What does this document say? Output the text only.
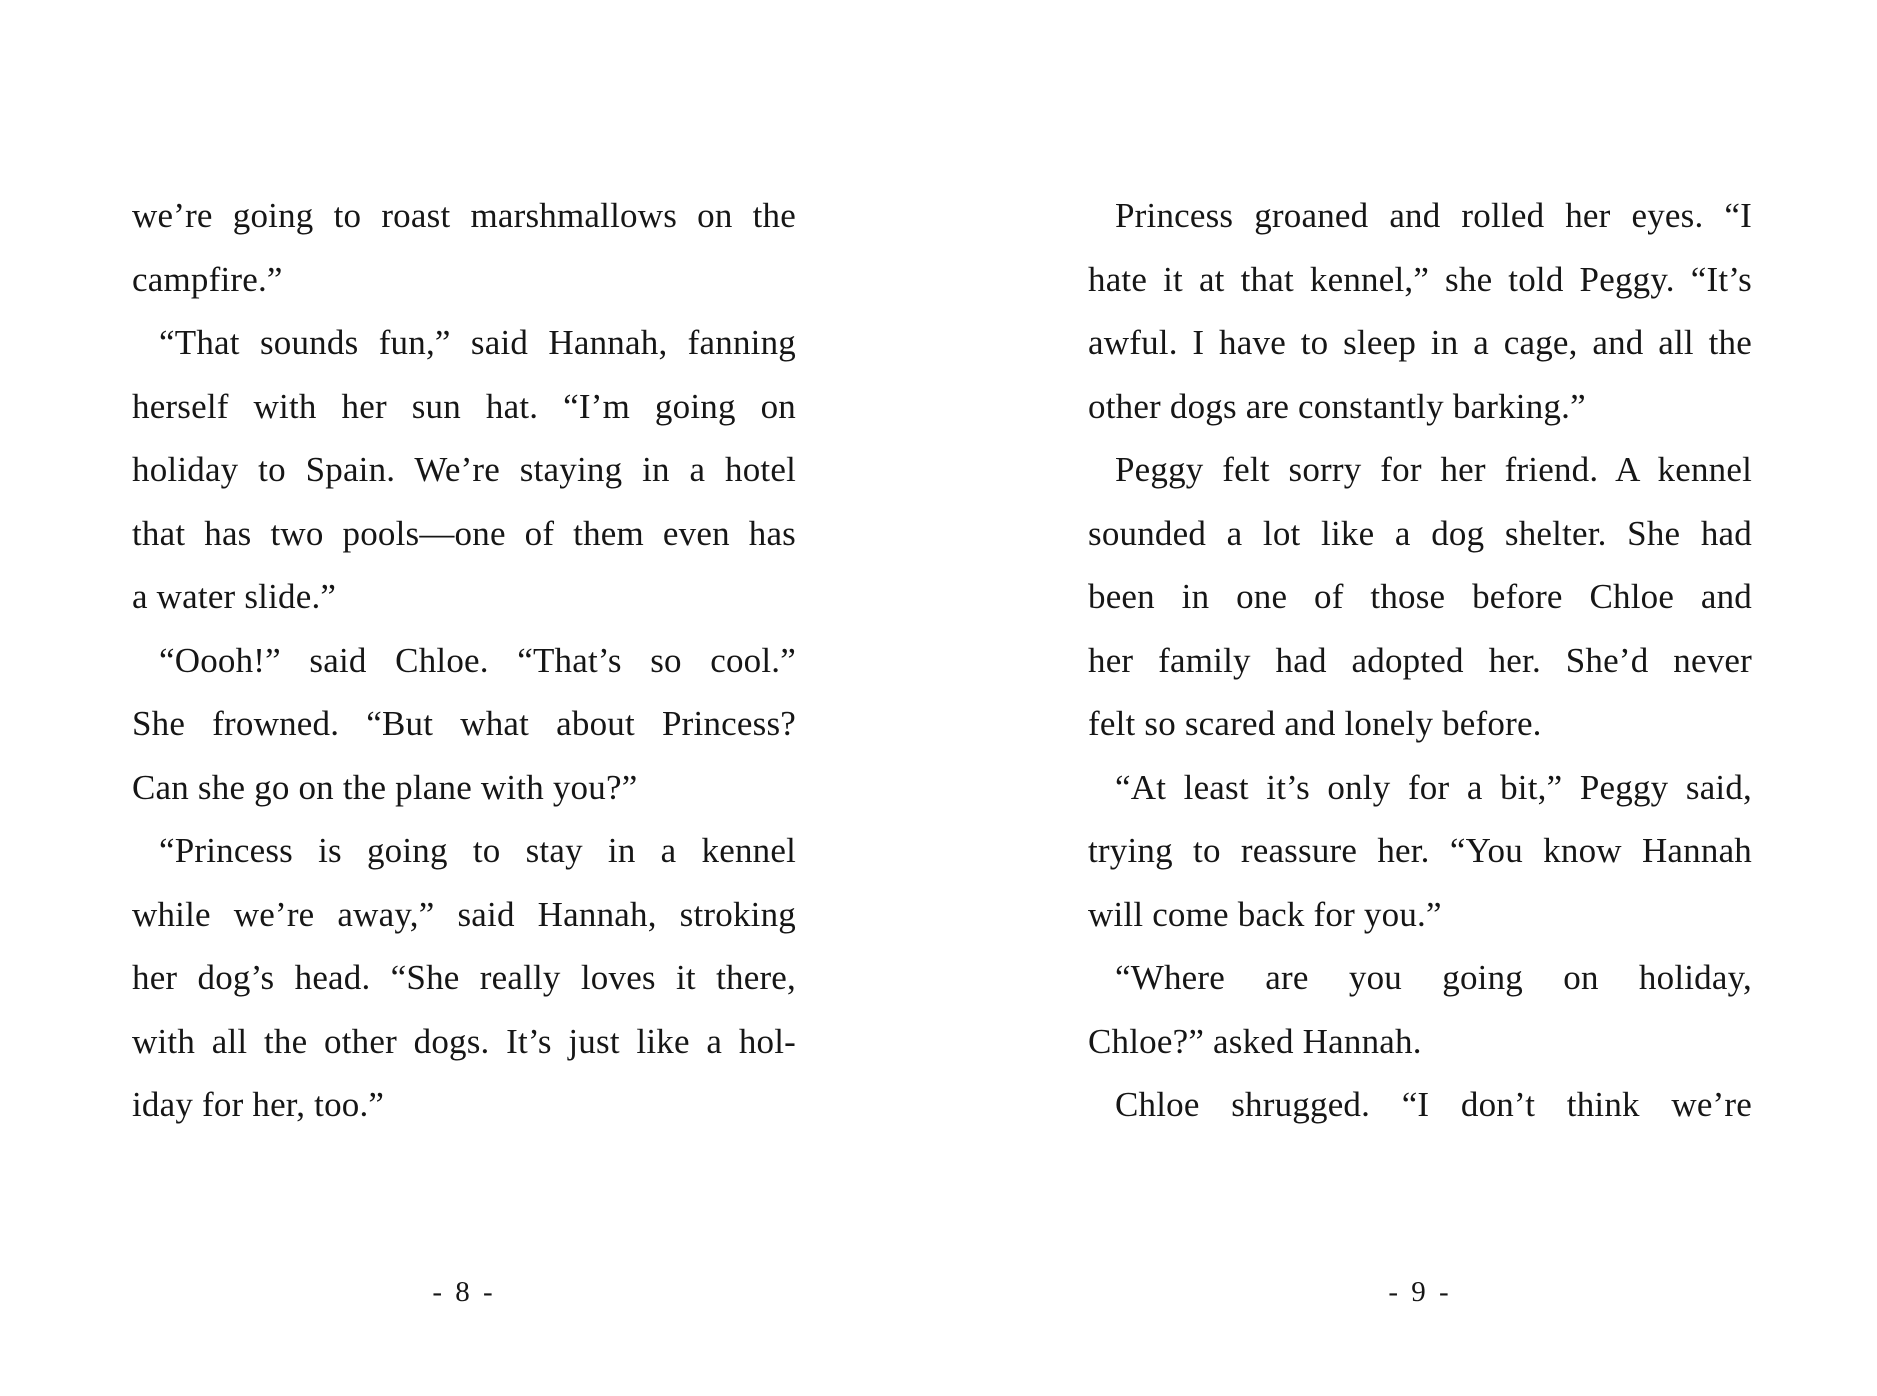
we’re going to roast marshmallows on the
campfire.”
“That sounds fun,” said Hannah, fanning
herself with her sun hat. “I’m going on
holiday to Spain. We’re staying in a hotel
that has two pools—one of them even has
a water slide.”
“Oooh!” said Chloe. “That’s so cool.”
She frowned. “But what about Princess?
Can she go on the plane with you?”
“Princess is going to stay in a kennel
while we’re away,” said Hannah, stroking
her dog’s head. “She really loves it there,
with all the other dogs. It’s just like a hol-
iday for her, too.”
- 8 -
Princess groaned and rolled her eyes. “I
hate it at that kennel,” she told Peggy. “It’s
awful. I have to sleep in a cage, and all the
other dogs are constantly barking.”
Peggy felt sorry for her friend. A kennel
sounded a lot like a dog shelter. She had
been in one of those before Chloe and
her family had adopted her. She’d never
felt so scared and lonely before.
“At least it’s only for a bit,” Peggy said,
trying to reassure her. “You know Hannah
will come back for you.”
“Where are you going on holiday,
Chloe?” asked Hannah.
Chloe shrugged. “I don’t think we’re
- 9 -
